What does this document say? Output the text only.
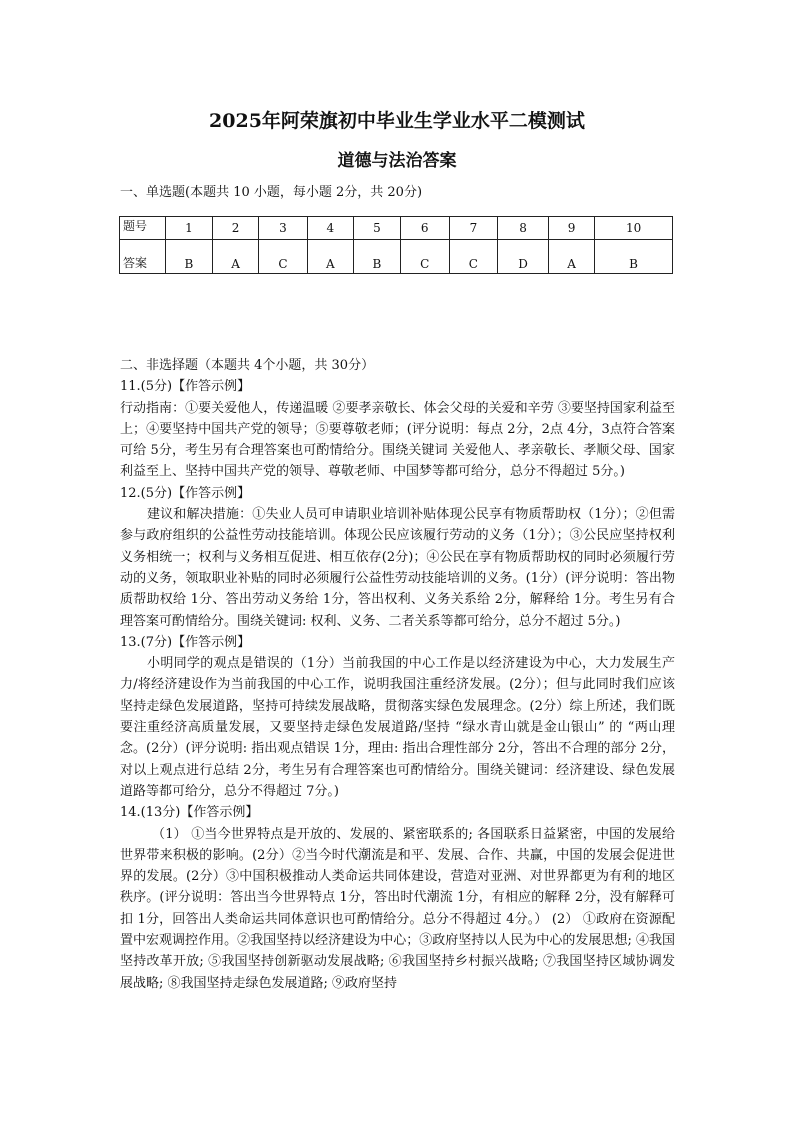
2025年阿荣旗初中毕业生学业水平二模测试
道德与法治答案
一、单选题(本题共 10 小题，每小题 2分，共 20分)
题号	1	2	3	4	5	6	7	8	9	10
答案	B	A	C	A	B	C	C	D	A	B

二、非选择题（本题共 4个小题，共 30分）

11.(5分)【作答示例】

行动指南：①要关爱他人，传递温暖 ②要孝亲敬长、体会父母的关爱和辛劳 ③要坚持国家利益至上；④要坚持中国共产党的领导；⑤要尊敬老师；(评分说明：每点 2分，2点 4分，3点符合答案可给 5分，考生另有合理答案也可酌情给分。围绕关键词 关爱他人、孝亲敬长、孝顺父母、国家利益至上、坚持中国共产党的领导、尊敬老师、中国梦等都可给分，总分不得超过 5分。)

12.(5分)【作答示例】

建议和解决措施：①失业人员可申请职业培训补贴体现公民享有物质帮助权（1分）；②但需参与政府组织的公益性劳动技能培训。体现公民应该履行劳动的义务（1分）；③公民应坚持权利义务相统一；权利与义务相互促进、相互依存(2分)；④公民在享有物质帮助权的同时必须履行劳动的义务，领取职业补贴的同时必须履行公益性劳动技能培训的义务。(1分）(评分说明：答出物质帮助权给 1分、答出劳动义务给 1分，答出权利、义务关系给 2分，解释给 1分。考生另有合理答案可酌情给分。围绕关键词: 权利、义务、二者关系等都可给分，总分不超过 5分。)

13.(7分)【作答示例】

小明同学的观点是错误的（1分）当前我国的中心工作是以经济建设为中心，大力发展生产力/将经济建设作为当前我国的中心工作，说明我国注重经济发展。(2分）；但与此同时我们应该坚持走绿色发展道路，坚持可持续发展战略，贯彻落实绿色发展理念。(2分）综上所述，我们既要注重经济高质量发展，又要坚持走绿色发展道路/坚持 “绿水青山就是金山银山” 的 “两山理念。(2分）(评分说明: 指出观点错误 1分，理由: 指出合理性部分 2分，答出不合理的部分 2分，对以上观点进行总结 2分，考生另有合理答案也可酌情给分。围绕关键词：经济建设、绿色发展道路等都可给分，总分不得超过 7分。)

14.(13分)【作答示例】

（1） ①当今世界特点是开放的、发展的、紧密联系的; 各国联系日益紧密，中国的发展给世界带来积极的影响。(2分）②当今时代潮流是和平、发展、合作、共赢，中国的发展会促进世界的发展。(2分）③中国积极推动人类命运共同体建设，营造对亚洲、对世界都更为有利的地区秩序。(评分说明：答出当今世界特点 1分，答出时代潮流 1分，有相应的解释 2分，没有解释可扣 1分，回答出人类命运共同体意识也可酌情给分。总分不得超过 4分。） (2） ①政府在资源配置中宏观调控作用。②我国坚持以经济建设为中心；③政府坚持以人民为中心的发展思想; ④我国坚持改革开放; ⑤我国坚持创新驱动发展战略; ⑥我国坚持乡村振兴战略; ⑦我国坚持区域协调发展战略; ⑧我国坚持走绿色发展道路; ⑨政府坚持
